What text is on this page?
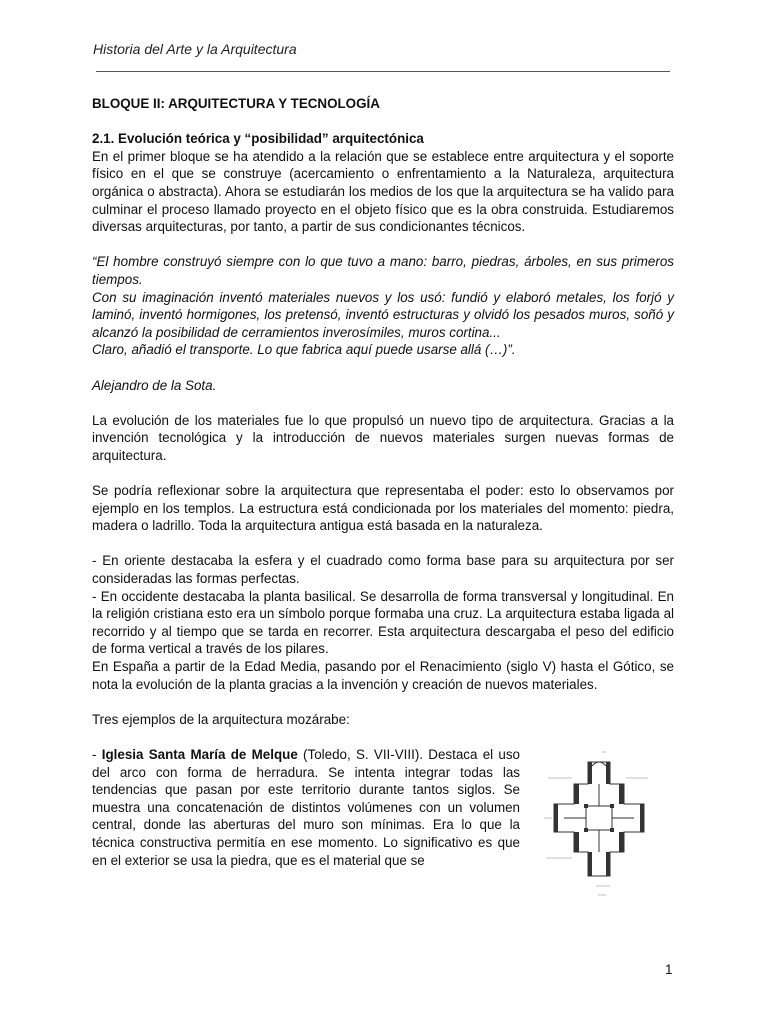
Historia del Arte y la Arquitectura

BLOQUE II: ARQUITECTURA Y TECNOLOGÍA

2.1. Evolución teórica y “posibilidad” arquitectónica

En el primer bloque se ha atendido a la relación que se establece entre arquitectura y el soporte físico en el que se construye (acercamiento o enfrentamiento a la Naturaleza, arquitectura orgánica o abstracta). Ahora se estudiarán los medios de los que la arquitectura se ha valido para culminar el proceso llamado proyecto en el objeto físico que es la obra construida. Estudiaremos diversas arquitecturas, por tanto, a partir de sus condicionantes técnicos.

“El hombre construyó siempre con lo que tuvo a mano: barro, piedras, árboles, en sus primeros tiempos.

Con su imaginación inventó materiales nuevos y los usó: fundió y elaboró metales, los forjó y laminó, inventó hormigones, los pretensó, inventó estructuras y olvidó los pesados muros, soñó y alcanzó la posibilidad de cerramientos inverosímiles, muros cortina...

Claro, añadió el transporte. Lo que fabrica aquí puede usarse allá (…)”.

Alejandro de la Sota.

La evolución de los materiales fue lo que propulsó un nuevo tipo de arquitectura. Gracias a la invención tecnológica y la introducción de nuevos materiales surgen nuevas formas de arquitectura.

Se podría reflexionar sobre la arquitectura que representaba el poder: esto lo observamos por ejemplo en los templos. La estructura está condicionada por los materiales del momento: piedra, madera o ladrillo. Toda la arquitectura antigua está basada en la naturaleza.

- En oriente destacaba la esfera y el cuadrado como forma base para su arquitectura por ser consideradas las formas perfectas.

- En occidente destacaba la planta basilical. Se desarrolla de forma transversal y longitudinal. En la religión cristiana esto era un símbolo porque formaba una cruz. La arquitectura estaba ligada al recorrido y al tiempo que se tarda en recorrer. Esta arquitectura descargaba el peso del edificio de forma vertical a través de los pilares.

En España a partir de la Edad Media, pasando por el Renacimiento (siglo V) hasta el Gótico, se nota la evolución de la planta gracias a la invención y creación de nuevos materiales.

Tres ejemplos de la arquitectura mozárabe:

- Iglesia Santa María de Melque (Toledo, S. VII-VIII). Destaca el uso del arco con forma de herradura. Se intenta integrar todas las tendencias que pasan por este territorio durante tantos siglos. Se muestra una concatenación de distintos volúmenes con un volumen central, donde las aberturas del muro son mínimas. Era lo que la técnica constructiva permitía en ese momento. Lo significativo es que en el exterior se usa la piedra, que es el material que se

1
